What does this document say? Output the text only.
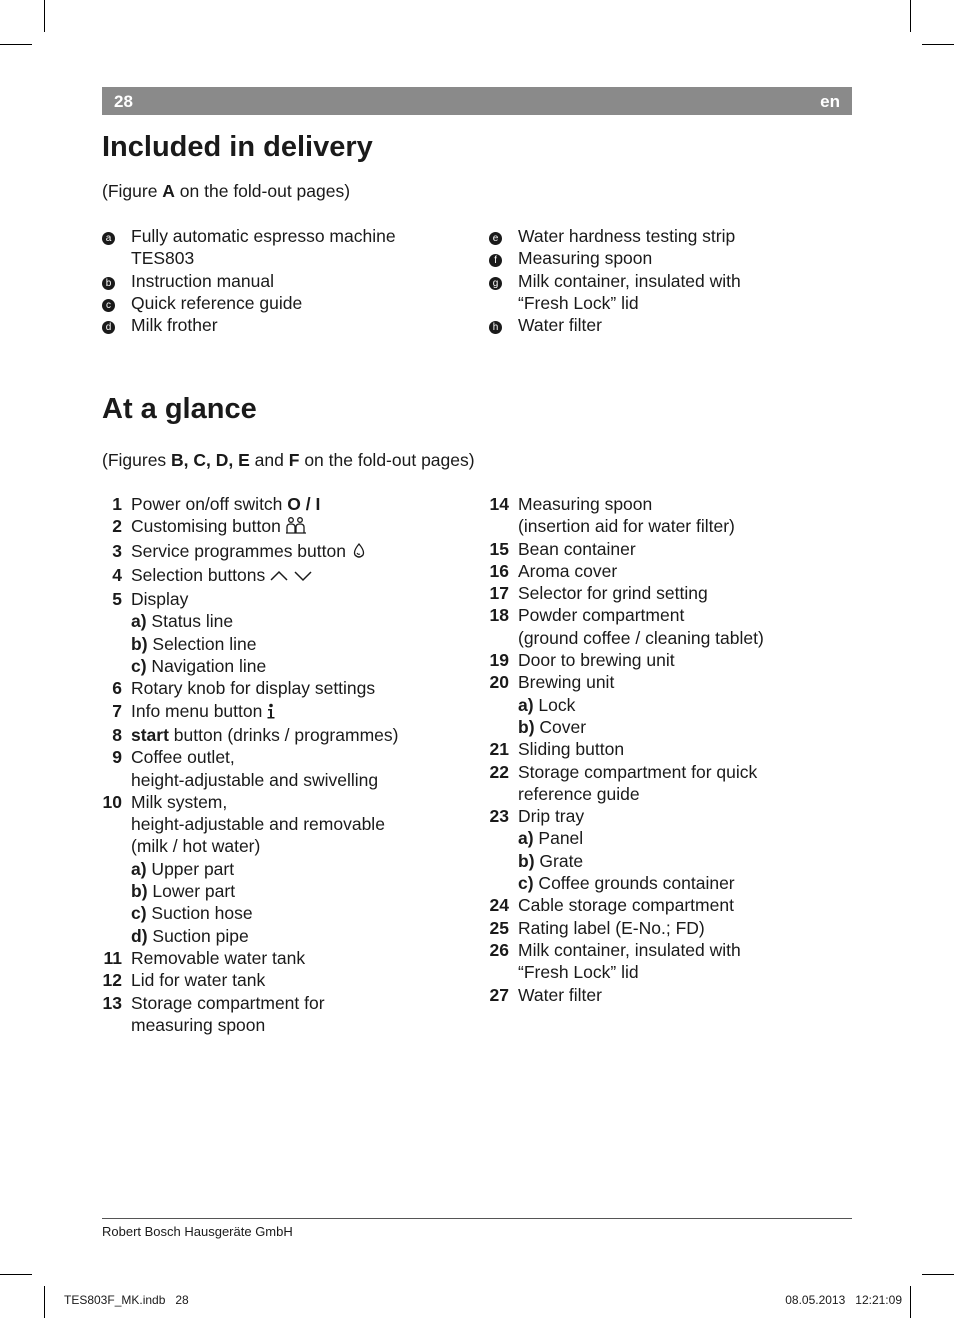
28	en
Included in delivery
(Figure A on the fold-out pages)
a	Fully automatic espresso machine
TES803
b	Instruction manual
c	Quick reference guide
d	Milk frother
e	Water hardness testing strip
f	Measuring spoon
g	Milk container, insulated with
“Fresh Lock” lid
h	Water filter
At a glance
(Figures B, C, D, E and F on the fold-out pages)
1 Power on/off switch O / I
2 Customising button
3 Service programmes button
4 Selection buttons
5 Display
a) Status line
b) Selection line
c) Navigation line
6 Rotary knob for display settings
7 Info menu button
8 start button (drinks / programmes)
9 Coffee outlet,
height-adjustable and swivelling
10 Milk system,
height-adjustable and removable
(milk / hot water)
a) Upper part
b) Lower part
c) Suction hose
d) Suction pipe
11 Removable water tank
12 Lid for water tank
13 Storage compartment for
measuring spoon
14 Measuring spoon
(insertion aid for water filter)
15 Bean container
16 Aroma cover
17 Selector for grind setting
18 Powder compartment
(ground coffee / cleaning tablet)
19 Door to brewing unit
20 Brewing unit
a) Lock
b) Cover
21 Sliding button
22 Storage compartment for quick
reference guide
23 Drip tray
a) Panel
b) Grate
c) Coffee grounds container
24 Cable storage compartment
25 Rating label (E-No.; FD)
26 Milk container, insulated with
“Fresh Lock” lid
27 Water filter
Robert Bosch Hausgeräte GmbH
TES803F_MK.indb   28	08.05.2013   12:21:09
